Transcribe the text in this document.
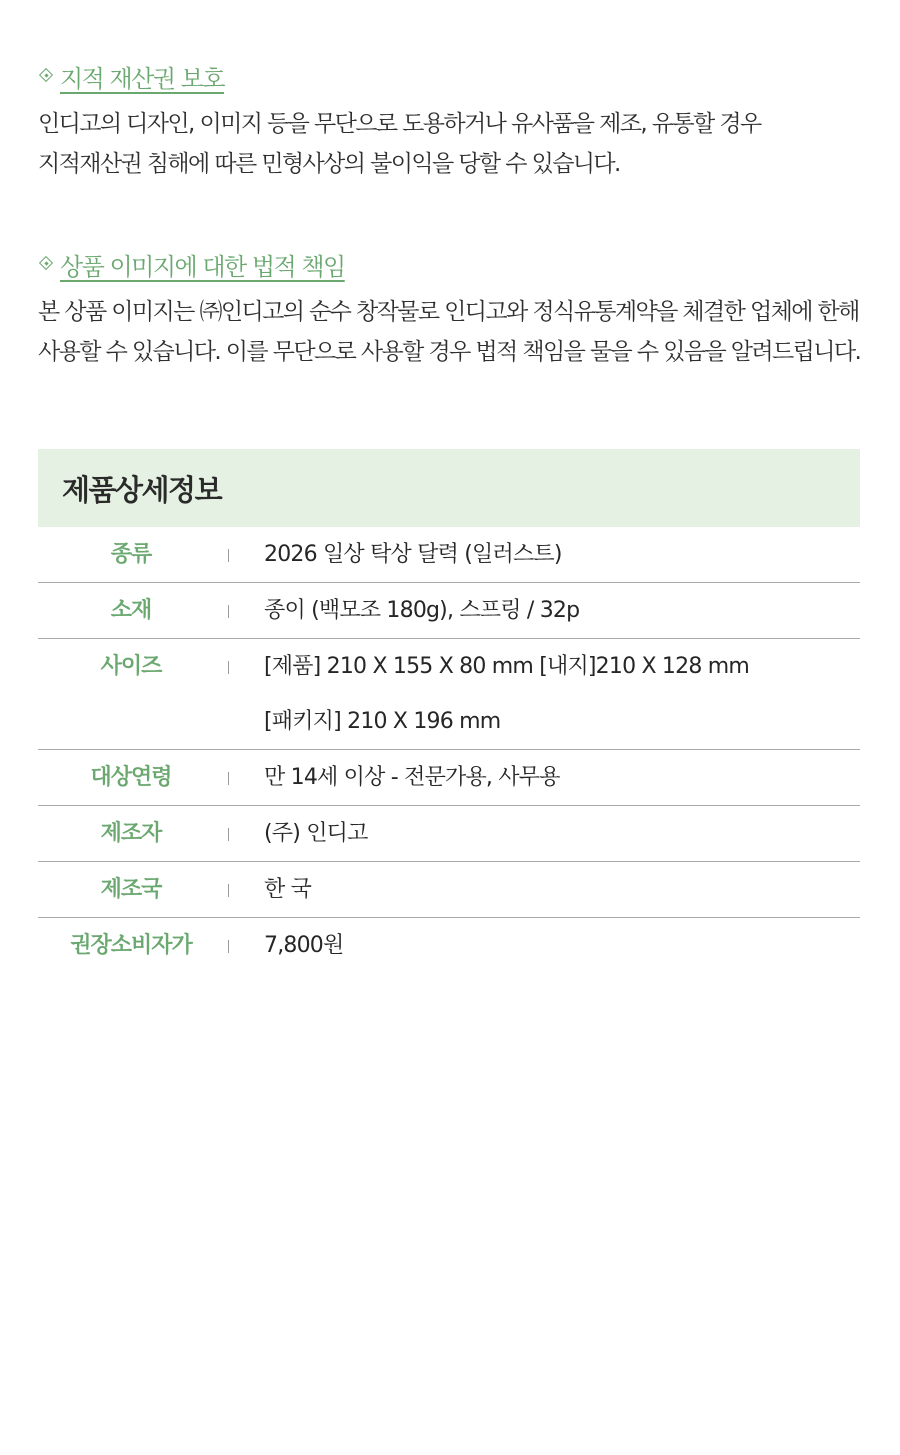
지적 재산권 보호
인디고의 디자인, 이미지 등을 무단으로 도용하거나 유사품을 제조, 유통할 경우
지적재산권 침해에 따른 민형사상의 불이익을 당할 수 있습니다.
상품 이미지에 대한 법적 책임
본 상품 이미지는 ㈜인디고의 순수 창작물로 인디고와 정식유통계약을 체결한 업체에 한해
사용할 수 있습니다. 이를 무단으로 사용할 경우 법적 책임을 물을 수 있음을 알려드립니다.
제품상세정보
종류	2026 일상 탁상 달력 (일러스트)
소재	종이 (백모조 180g), 스프링 / 32p
사이즈	[제품] 210 X 155 X 80 mm [내지]210 X 128 mm
[패키지] 210 X 196 mm
대상연령	만 14세 이상 - 전문가용, 사무용
제조자	(주) 인디고
제조국	한 국
권장소비자가	7,800원
